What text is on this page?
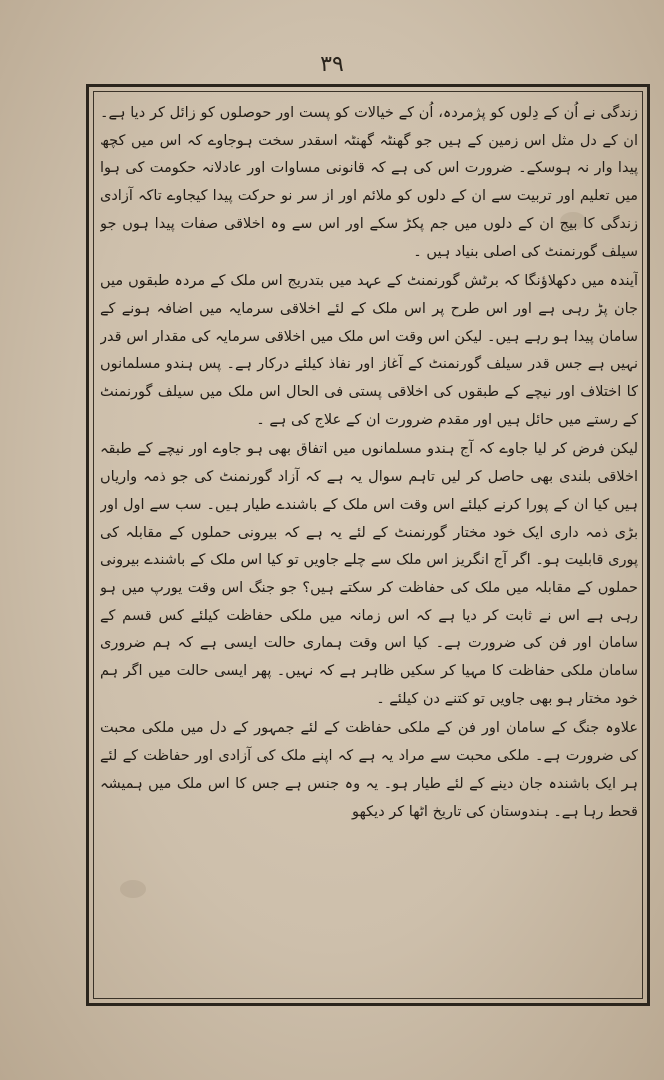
۳۹

زندگی نے اُن کے دِلوں کو پژمردہ، اُن کے خیالات کو پست اور حوصلوں کو زائل کر دیا ہے۔ ان کے دل مثل اس زمین کے ہیں جو گھنٹہ گھنٹہ اسقدر سخت ہوجاوے کہ اس میں کچھ پیدا وار نہ ہوسکے۔ ضرورت اس کی ہے کہ قانونی مساوات اور عادلانہ حکومت کی ہوا میں تعلیم اور تربیت سے ان کے دلوں کو ملائم اور از سر نو حرکت پیدا کیجاوے تاکہ آزادی زندگی کا بیج ان کے دلوں میں جم پکڑ سکے اور اس سے وہ اخلاقی صفات پیدا ہوں جو سیلف گورنمنٹ کی اصلی بنیاد ہیں ۔

آیندہ میں دکھلاؤنگا کہ برٹش گورنمنٹ کے عہد میں بتدریج اس ملک کے مردہ طبقوں میں جان پڑ رہی ہے اور اس طرح پر اس ملک کے لئے اخلاقی سرمایہ میں اضافہ ہونے کے سامان پیدا ہو رہے ہیں۔ لیکن اس وقت اس ملک میں اخلاقی سرمایہ کی مقدار اس قدر نہیں ہے جس قدر سیلف گورنمنٹ کے آغاز اور نفاذ کیلئے درکار ہے۔ پس ہندو مسلمانوں کا اختلاف اور نیچے کے طبقوں کی اخلاقی پستی فی الحال اس ملک میں سیلف گورنمنٹ کے رستے میں حائل ہیں اور مقدم ضرورت ان کے علاج کی ہے ۔

لیکن فرض کر لیا جاوے کہ آج ہندو مسلمانوں میں اتفاق بھی ہو جاوے اور نیچے کے طبقہ اخلاقی بلندی بھی حاصل کر لیں تاہم سوال یہ ہے کہ آزاد گورنمنٹ کی جو ذمہ واریاں ہیں کیا ان کے پورا کرنے کیلئے اس وقت اس ملک کے باشندے طیار ہیں۔ سب سے اول اور بڑی ذمہ داری ایک خود مختار گورنمنٹ کے لئے یہ ہے کہ بیرونی حملوں کے مقابلہ کی پوری قابلیت ہو۔ اگر آج انگریز اس ملک سے چلے جاویں تو کیا اس ملک کے باشندے بیرونی حملوں کے مقابلہ میں ملک کی حفاظت کر سکتے ہیں؟ جو جنگ اس وقت یورپ میں ہو رہی ہے اس نے ثابت کر دیا ہے کہ اس زمانہ میں ملکی حفاظت کیلئے کس قسم کے سامان اور فن کی ضرورت ہے۔ کیا اس وقت ہماری حالت ایسی ہے کہ ہم ضروری سامان ملکی حفاظت کا مہیا کر سکیں ظاہر ہے کہ نہیں۔ پھر ایسی حالت میں اگر ہم خود مختار ہو بھی جاویں تو کتنے دن کیلئے ۔

علاوہ جنگ کے سامان اور فن کے ملکی حفاظت کے لئے جمہور کے دل میں ملکی محبت کی ضرورت ہے۔ ملکی محبت سے مراد یہ ہے کہ اپنے ملک کی آزادی اور حفاظت کے لئے ہر ایک باشندہ جان دینے کے لئے طیار ہو۔ یہ وہ جنس ہے جس کا اس ملک میں ہمیشہ قحط رہا ہے۔ ہندوستان کی تاریخ اٹھا کر دیکھو
